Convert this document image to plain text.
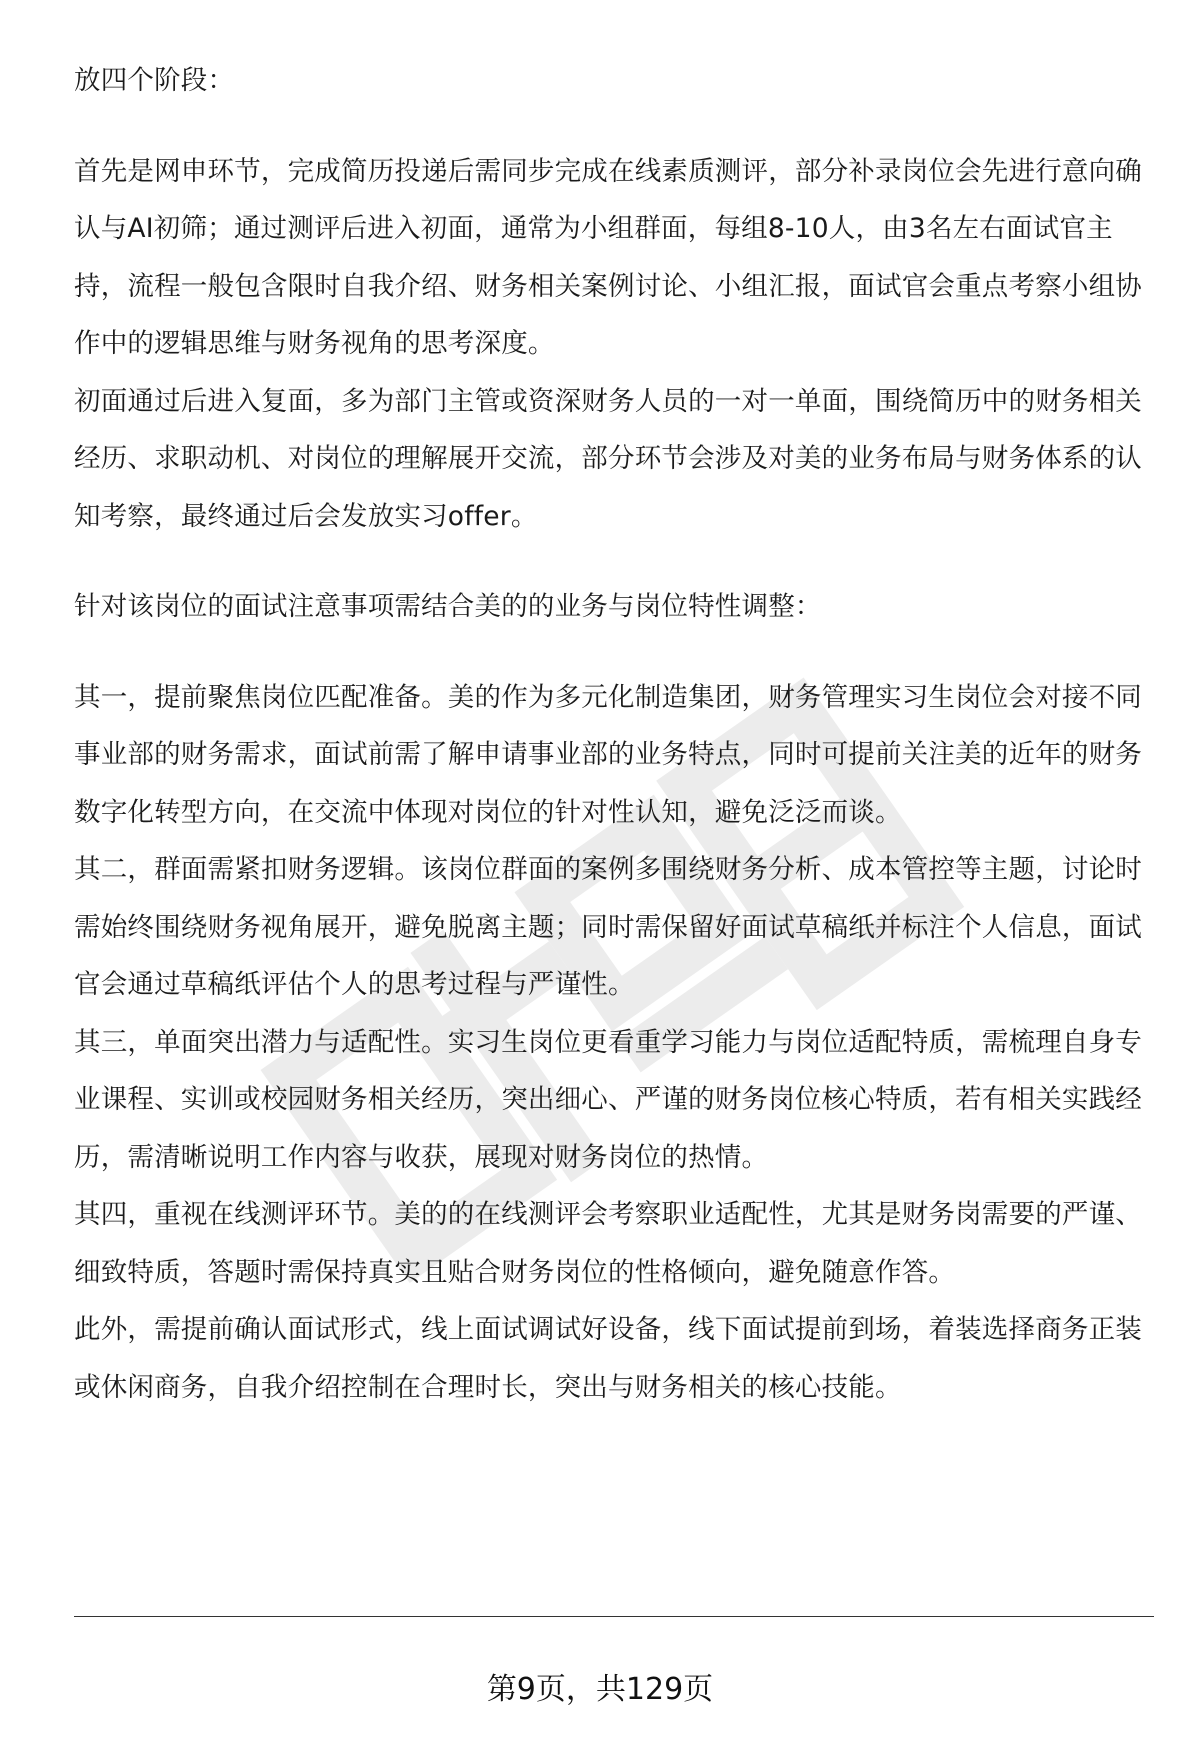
放四个阶段：

首先是网申环节，完成简历投递后需同步完成在线素质测评，部分补录岗位会先进行意向确认与AI初筛；通过测评后进入初面，通常为小组群面，每组8-10人，由3名左右面试官主持，流程一般包含限时自我介绍、财务相关案例讨论、小组汇报，面试官会重点考察小组协作中的逻辑思维与财务视角的思考深度。

初面通过后进入复面，多为部门主管或资深财务人员的一对一单面，围绕简历中的财务相关经历、求职动机、对岗位的理解展开交流，部分环节会涉及对美的业务布局与财务体系的认知考察，最终通过后会发放实习offer。

针对该岗位的面试注意事项需结合美的的业务与岗位特性调整：

其一，提前聚焦岗位匹配准备。美的作为多元化制造集团，财务管理实习生岗位会对接不同事业部的财务需求，面试前需了解申请事业部的业务特点，同时可提前关注美的近年的财务数字化转型方向，在交流中体现对岗位的针对性认知，避免泛泛而谈。

其二，群面需紧扣财务逻辑。该岗位群面的案例多围绕财务分析、成本管控等主题，讨论时需始终围绕财务视角展开，避免脱离主题；同时需保留好面试草稿纸并标注个人信息，面试官会通过草稿纸评估个人的思考过程与严谨性。

其三，单面突出潜力与适配性。实习生岗位更看重学习能力与岗位适配特质，需梳理自身专业课程、实训或校园财务相关经历，突出细心、严谨的财务岗位核心特质，若有相关实践经历，需清晰说明工作内容与收获，展现对财务岗位的热情。

其四，重视在线测评环节。美的的在线测评会考察职业适配性，尤其是财务岗需要的严谨、细致特质，答题时需保持真实且贴合财务岗位的性格倾向，避免随意作答。

此外，需提前确认面试形式，线上面试调试好设备，线下面试提前到场，着装选择商务正装或休闲商务，自我介绍控制在合理时长，突出与财务相关的核心技能。

第9页，共129页
